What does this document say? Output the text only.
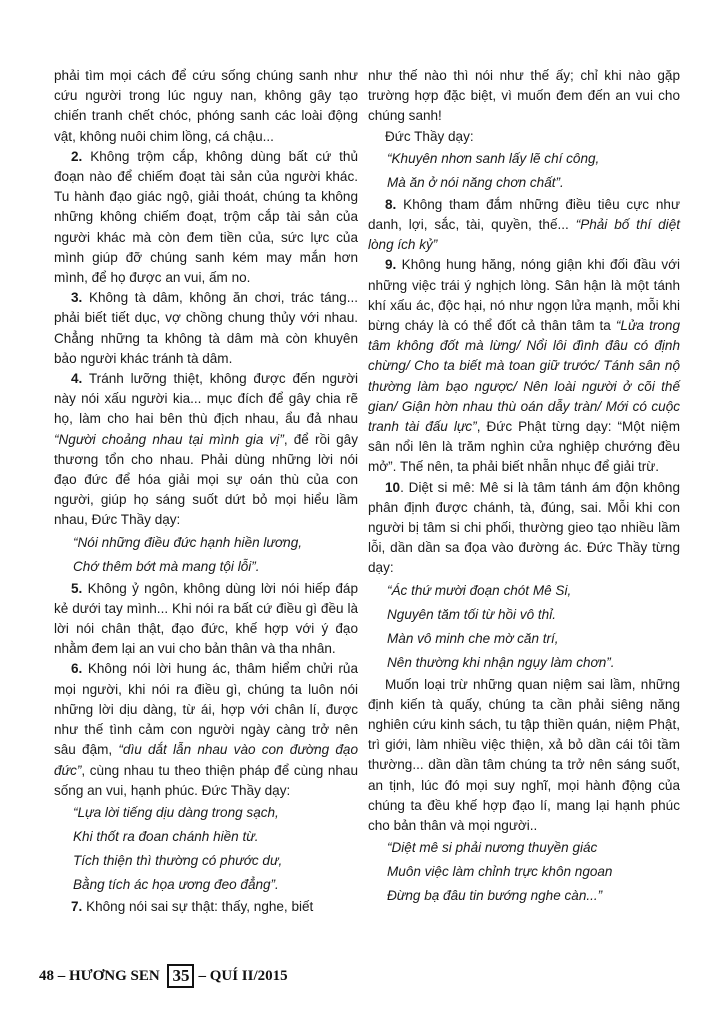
phải tìm mọi cách để cứu sống chúng sanh như cứu người trong lúc nguy nan, không gây tạo chiến tranh chết chóc, phóng sanh các loài động vật, không nuôi chim lồng, cá chậu...

2. Không trộm cắp, không dùng bất cứ thủ đoạn nào để chiếm đoạt tài sản của người khác. Tu hành đạo giác ngộ, giải thoát, chúng ta không những không chiếm đoạt, trộm cắp tài sản của người khác mà còn đem tiền của, sức lực của mình giúp đỡ chúng sanh kém may mắn hơn mình, để họ được an vui, ấm no.

3. Không tà dâm, không ăn chơi, trác táng... phải biết tiết dục, vợ chồng chung thủy với nhau. Chẳng những ta không tà dâm mà còn khuyên bảo người khác tránh tà dâm.

4. Tránh lưỡng thiệt, không được đến người này nói xấu người kia... mục đích để gây chia rẽ họ, làm cho hai bên thù địch nhau, ẩu đả nhau “Người choảng nhau tại mình gia vị”, để rồi gây thương tổn cho nhau. Phải dùng những lời nói đạo đức để hóa giải mọi sự oán thù của con người, giúp họ sáng suốt dứt bỏ mọi hiểu lầm nhau, Đức Thầy dạy:

“Nói những điều đức hạnh hiền lương,

Chớ thêm bớt mà mang tội lỗi”.

5. Không ỷ ngôn, không dùng lời nói hiếp đáp kẻ dưới tay mình... Khi nói ra bất cứ điều gì đều là lời nói chân thật, đạo đức, khế hợp với ý đạo nhằm đem lại an vui cho bản thân và tha nhân.

6. Không nói lời hung ác, thâm hiểm chửi rủa mọi người, khi nói ra điều gì, chúng ta luôn nói những lời dịu dàng, từ ái, hợp với chân lí, được như thế tình cảm con người ngày càng trở nên sâu đậm, “dìu dắt lẫn nhau vào con đường đạo đức”, cùng nhau tu theo thiện pháp để cùng nhau sống an vui, hạnh phúc. Đức Thầy dạy:

“Lựa lời tiếng dịu dàng trong sạch,

Khi thốt ra đoan chánh hiền từ.

Tích thiện thì thường có phước dư,

Bằng tích ác họa ương đeo đẳng”.

7. Không nói sai sự thật: thấy, nghe, biết

như thế nào thì nói như thế ấy; chỉ khi nào gặp trường hợp đặc biệt, vì muốn đem đến an vui cho chúng sanh!

Đức Thầy dạy:

“Khuyên nhơn sanh lấy lẽ chí công,

Mà ăn ở nói năng chơn chất”.

8. Không tham đắm những điều tiêu cực như danh, lợi, sắc, tài, quyền, thế... “Phải bố thí diệt lòng ích kỷ”

9. Không hung hăng, nóng giận khi đối đầu với những việc trái ý nghịch lòng. Sân hận là một tánh khí xấu ác, độc hại, nó như ngọn lửa mạnh, mỗi khi bừng cháy là có thể đốt cả thân tâm ta “Lửa trong tâm không đốt mà lừng/ Nổi lôi đình đâu có định chừng/ Cho ta biết mà toan giữ trước/ Tánh sân nộ thường làm bạo ngược/ Nên loài người ở cõi thế gian/ Giận hờn nhau thù oán dẫy tràn/ Mới có cuộc tranh tài đấu lực”, Đức Phật từng dạy: “Một niệm sân nổi lên là trăm nghìn cửa nghiệp chướng đều mở”. Thế nên, ta phải biết nhẫn nhục để giải trừ.

10. Diệt si mê: Mê si là tâm tánh ám độn không phân định được chánh, tà, đúng, sai. Mỗi khi con người bị tâm si chi phối, thường gieo tạo nhiều lầm lỗi, dần dần sa đọa vào đường ác. Đức Thầy từng dạy:

“Ác thứ mười đoạn chót Mê Si,

Nguyên tăm tối từ hồi vô thỉ.

Màn vô minh che mờ căn trí,

Nên thường khi nhận ngụy làm chơn”.

Muốn loại trừ những quan niệm sai lầm, những định kiến tà quấy, chúng ta cần phải siêng năng nghiên cứu kinh sách, tu tập thiền quán, niệm Phật, trì giới, làm nhiều việc thiện, xả bỏ dần cái tôi tầm thường... dần dần tâm chúng ta trở nên sáng suốt, an tịnh, lúc đó mọi suy nghĩ, mọi hành động của chúng ta đều khế hợp đạo lí, mang lại hạnh phúc cho bản thân và mọi người..

“Diệt mê si phải nương thuyền giác

Muôn việc làm chỉnh trực khôn ngoan

Đừng bạ đâu tin bướng nghe càn...”

48
–
HƯƠNG SEN
35 –
QUÍ II/2015
